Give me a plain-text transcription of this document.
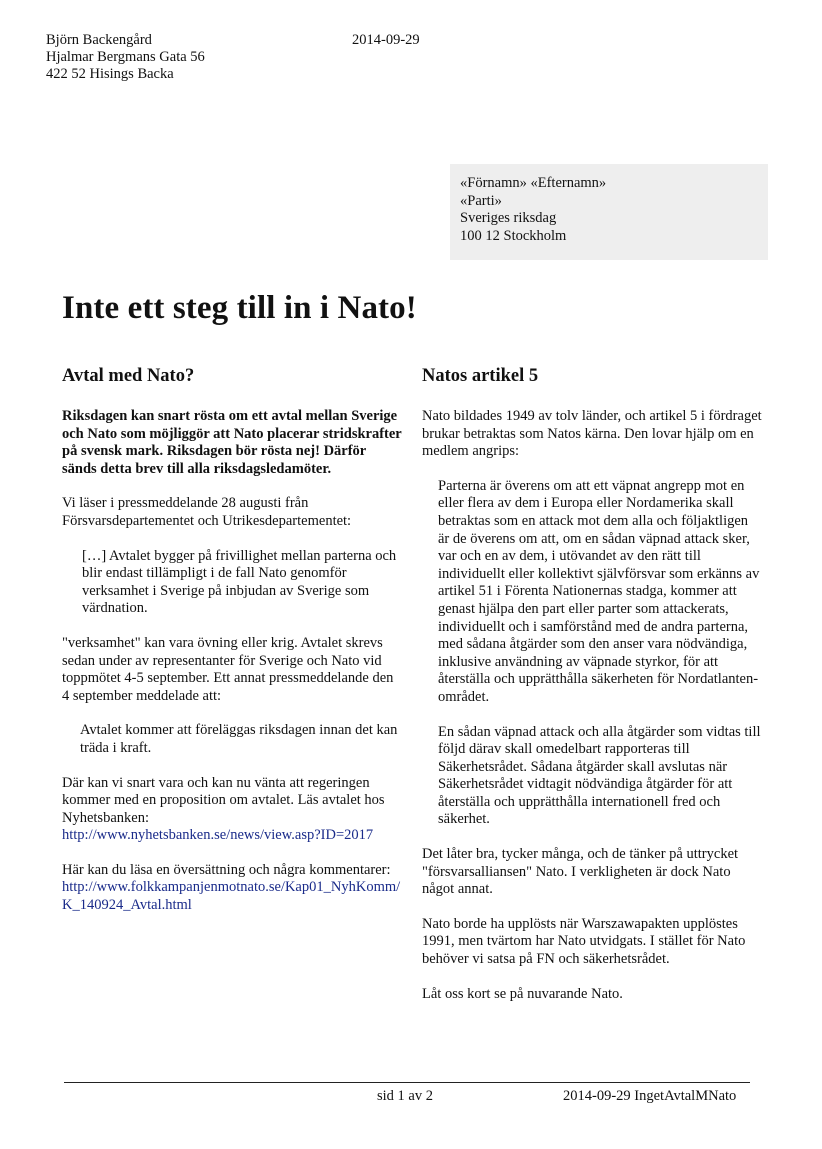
Björn Backengård
Hjalmar Bergmans Gata 56
422 52 Hisings Backa
2014-09-29
«Förnamn» «Efternamn»
«Parti»
Sveriges riksdag
100 12 Stockholm
Inte ett steg till in i Nato!
Avtal med Nato?

Riksdagen kan snart rösta om ett avtal mellan Sverige och Nato som möjliggör att Nato placerar stridskrafter på svensk mark. Riksdagen bör rösta nej! Därför sänds detta brev till alla riksdagsledamöter.

Vi läser i pressmeddelande 28 augusti från Försvarsdepartementet och Utrikesdepartementet:

[…] Avtalet bygger på frivillighet mellan parterna och blir endast tillämpligt i de fall Nato genomför verksamhet i Sverige på inbjudan av Sverige som värdnation.

"verksamhet" kan vara övning eller krig. Avtalet skrevs sedan under av representanter för Sverige och Nato vid toppmötet 4-5 september. Ett annat pressmeddelande den 4 september meddelade att:

Avtalet kommer att föreläggas riksdagen innan det kan träda i kraft.

Där kan vi snart vara och kan nu vänta att regeringen kommer med en proposition om avtalet. Läs avtalet hos Nyhetsbanken:

http://www.nyhetsbanken.se/news/view.asp?ID=2017

Här kan du läsa en översättning och några kommentarer:

http://www.folkkampanjenmotnato.se/Kap01_NyhKomm/K_140924_Avtal.html

Natos artikel 5

Nato bildades 1949 av tolv länder, och artikel 5 i fördraget brukar betraktas som Natos kärna. Den lovar hjälp om en medlem angrips:

Parterna är överens om att ett väpnat angrepp mot en eller flera av dem i Europa eller Nordamerika skall betraktas som en attack mot dem alla och följaktligen är de överens om att, om en sådan väpnad attack sker, var och en av dem, i utövandet av den rätt till individuellt eller kollektivt självförsvar som erkänns av artikel 51 i Förenta Nationernas stadga, kommer att genast hjälpa den part eller parter som attackerats, individuellt och i samförstånd med de andra parterna, med sådana åtgärder som den anser vara nödvändiga, inklusive användning av väpnade styrkor, för att återställa och upprätthålla säkerheten för Nordatlanten-området.

En sådan väpnad attack och alla åtgärder som vidtas till följd därav skall omedelbart rapporteras till Säkerhetsrådet. Sådana åtgärder skall avslutas när Säkerhetsrådet vidtagit nödvändiga åtgärder för att återställa och upprätthålla internationell fred och säkerhet.

Det låter bra, tycker många, och de tänker på uttrycket "försvarsalliansen" Nato. I verkligheten är dock Nato något annat.

Nato borde ha upplösts när Warszawapakten upplöstes 1991, men tvärtom har Nato utvidgats. I stället för Nato behöver vi satsa på FN och säkerhetsrådet.

Låt oss kort se på nuvarande Nato.

sid 1 av 2	2014-09-29 IngetAvtalMNato
